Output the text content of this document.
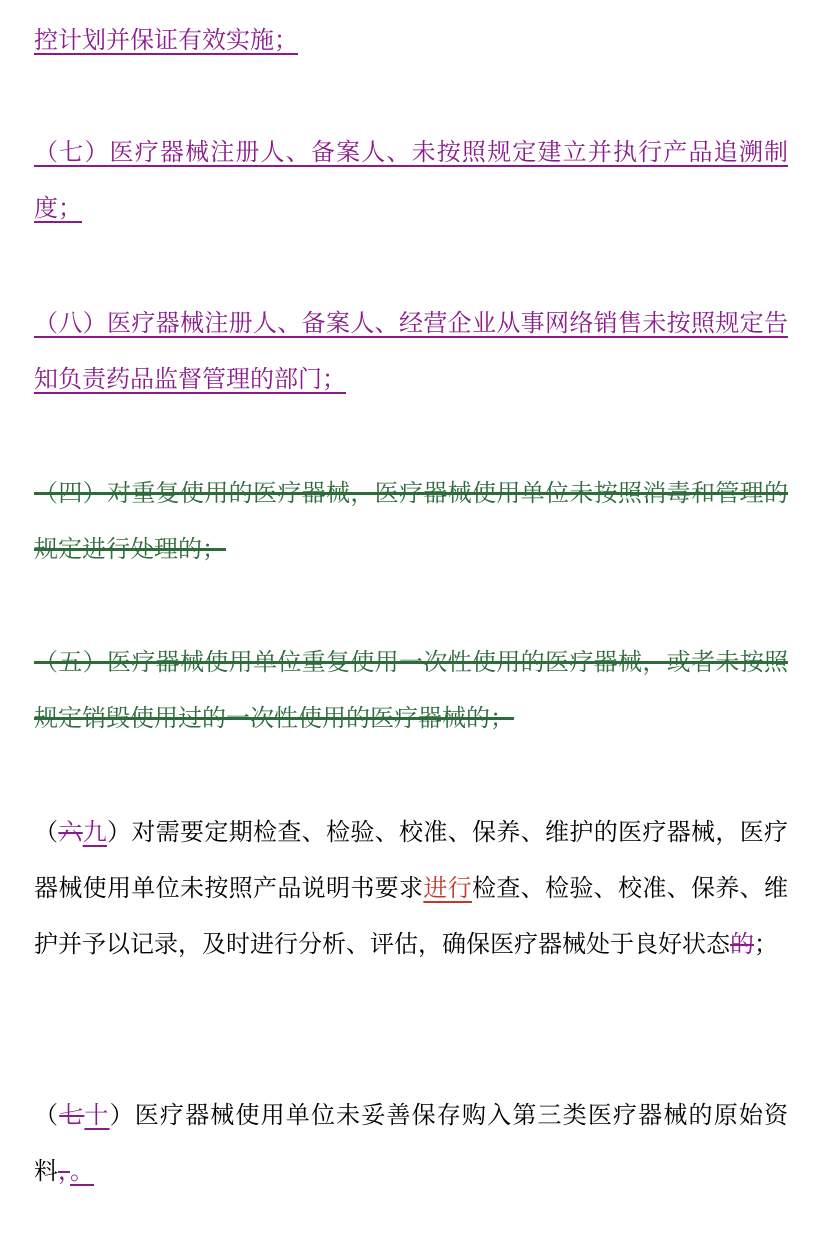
控计划并保证有效实施；

（七）医疗器械注册人、备案人、未按照规定建立并执行产品追溯制度；

（八）医疗器械注册人、备案人、经营企业从事网络销售未按照规定告知负责药品监督管理的部门；

（四）对重复使用的医疗器械，医疗器械使用单位未按照消毒和管理的规定进行处理的；

（五）医疗器械使用单位重复使用一次性使用的医疗器械，或者未按照规定销毁使用过的一次性使用的医疗器械的；

（六九）对需要定期检查、检验、校准、保养、维护的医疗器械，医疗器械使用单位未按照产品说明书要求进行检查、检验、校准、保养、维护并予以记录，及时进行分析、评估，确保医疗器械处于良好状态的；

（七十）医疗器械使用单位未妥善保存购入第三类医疗器械的原始资料，。
